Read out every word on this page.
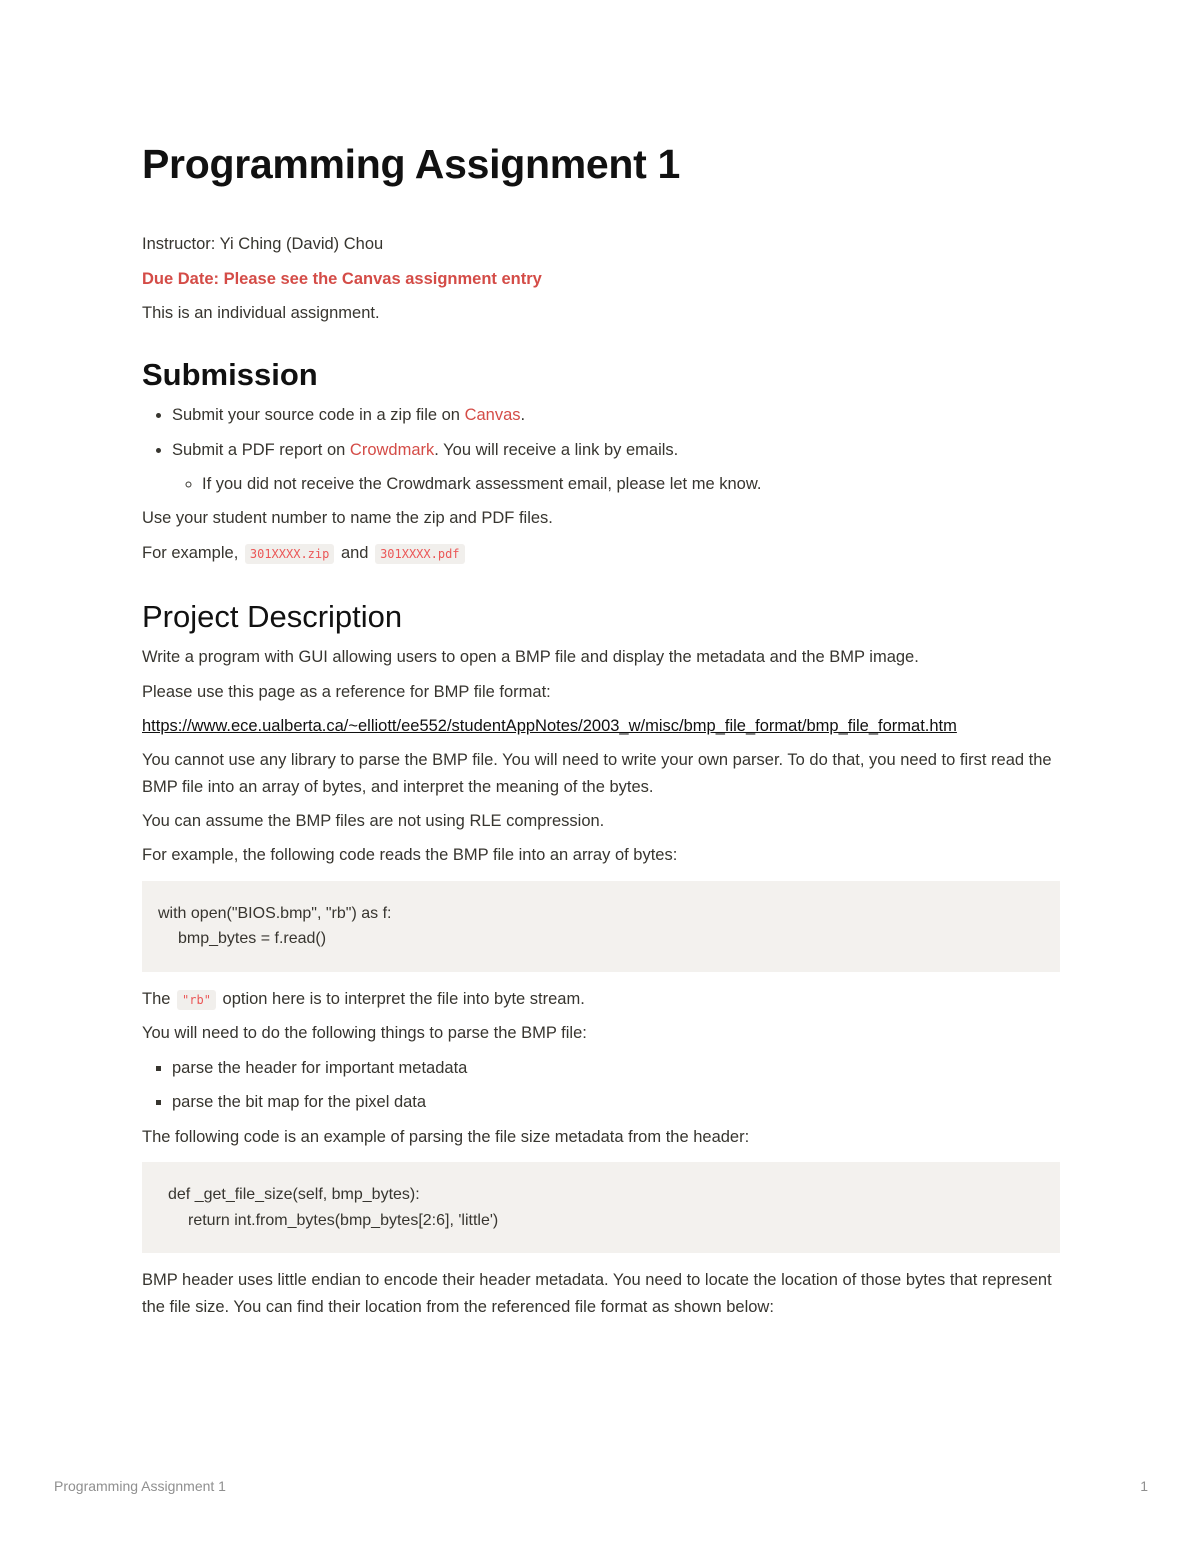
Programming Assignment 1

Instructor: Yi Ching (David) Chou

Due Date: Please see the Canvas assignment entry

This is an individual assignment.

Submission
• Submit your source code in a zip file on Canvas.
• Submit a PDF report on Crowdmark. You will receive a link by emails.
◦ If you did not receive the Crowdmark assessment email, please let me know.

Use your student number to name the zip and PDF files.

For example, 301XXXX.zip and 301XXXX.pdf

Project Description

Write a program with GUI allowing users to open a BMP file and display the metadata and the BMP image.

Please use this page as a reference for BMP file format:

https://www.ece.ualberta.ca/~elliott/ee552/studentAppNotes/2003_w/misc/bmp_file_format/bmp_file_format.htm

You cannot use any library to parse the BMP file. You will need to write your own parser. To do that, you need to first read the BMP file into an array of bytes, and interpret the meaning of the bytes.

You can assume the BMP files are not using RLE compression.

For example, the following code reads the BMP file into an array of bytes:

with open("BIOS.bmp", "rb") as f:
bmp_bytes = f.read()

The "rb" option here is to interpret the file into byte stream.

You will need to do the following things to parse the BMP file:

▪ parse the header for important metadata
▪ parse the bit map for the pixel data

The following code is an example of parsing the file size metadata from the header:

def _get_file_size(self, bmp_bytes):
return int.from_bytes(bmp_bytes[2:6], 'little')

BMP header uses little endian to encode their header metadata. You need to locate the location of those bytes that represent the file size. You can find their location from the referenced file format as shown below:

Programming Assignment 1	1
